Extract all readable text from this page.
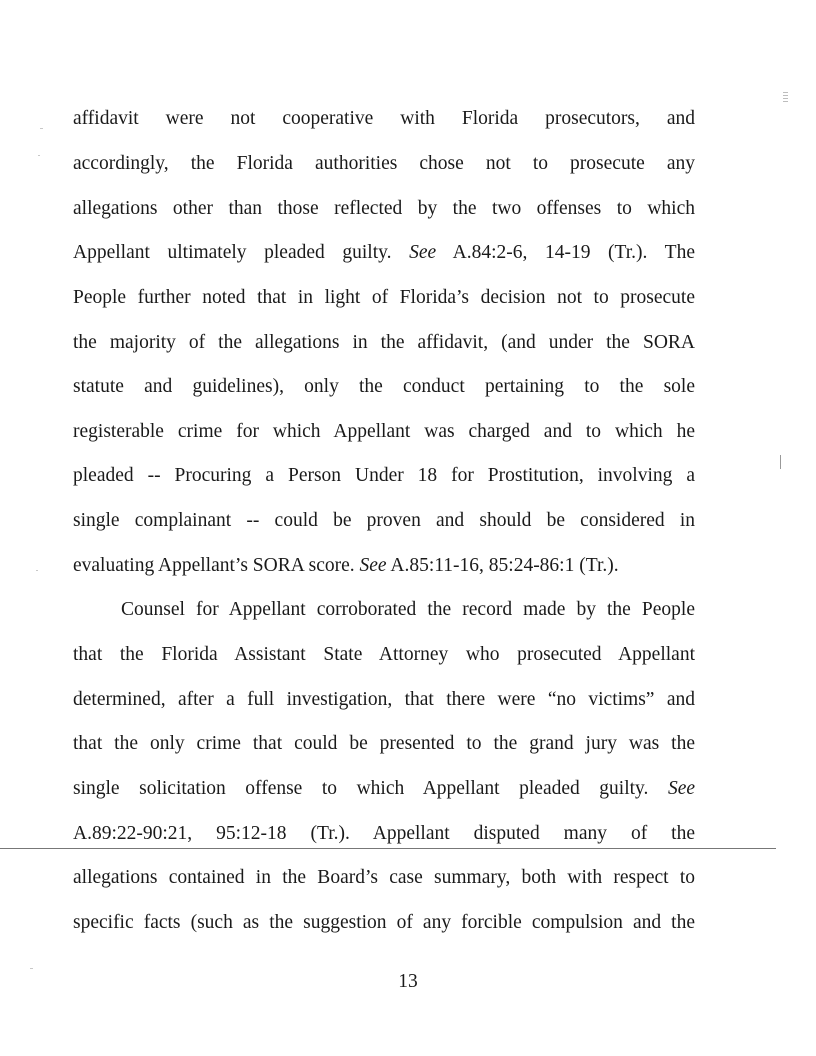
affidavit were not cooperative with Florida prosecutors, and
accordingly, the Florida authorities chose not to prosecute any
allegations other than those reflected by the two offenses to which
Appellant ultimately pleaded guilty. See A.84:2-6, 14-19 (Tr.). The
People further noted that in light of Florida’s decision not to prosecute
the majority of the allegations in the affidavit, (and under the SORA
statute and guidelines), only the conduct pertaining to the sole
registerable crime for which Appellant was charged and to which he
pleaded -- Procuring a Person Under 18 for Prostitution, involving a
single complainant -- could be proven and should be considered in
evaluating Appellant’s SORA score. See A.85:11-16, 85:24-86:1 (Tr.).
Counsel for Appellant corroborated the record made by the People
that the Florida Assistant State Attorney who prosecuted Appellant
determined, after a full investigation, that there were “no victims” and
that the only crime that could be presented to the grand jury was the
single solicitation offense to which Appellant pleaded guilty. See
A.89:22-90:21, 95:12-18 (Tr.). Appellant disputed many of the
allegations contained in the Board’s case summary, both with respect to
specific facts (such as the suggestion of any forcible compulsion and the
13
